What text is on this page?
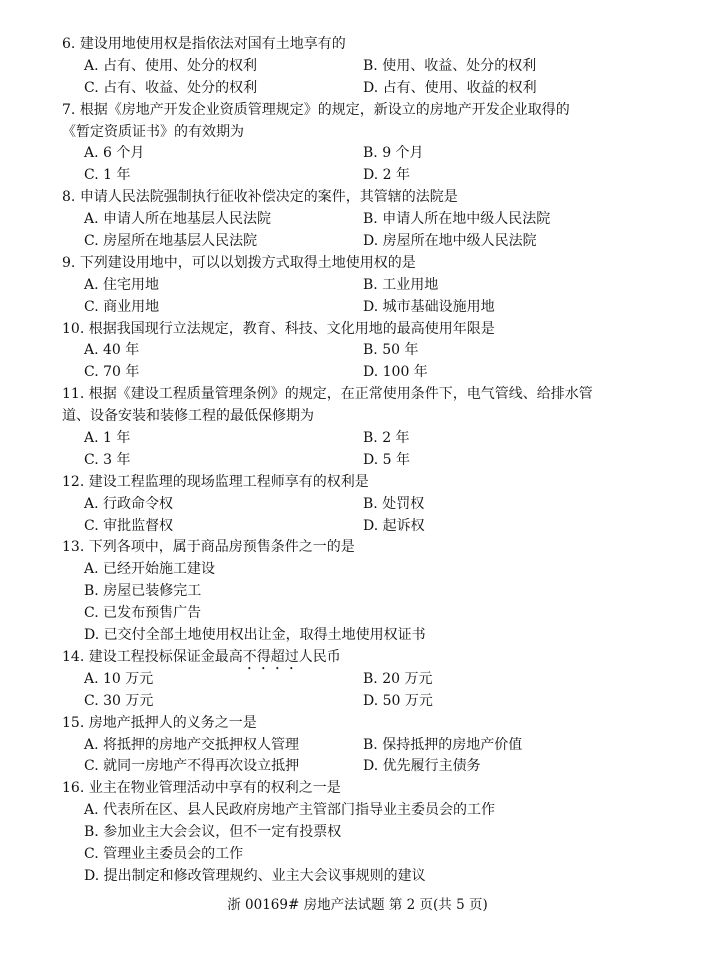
6. 建设用地使用权是指依法对国有土地享有的
A. 占有、使用、处分的权利	B. 使用、收益、处分的权利
C. 占有、收益、处分的权利	D. 占有、使用、收益的权利
7. 根据《房地产开发企业资质管理规定》的规定，新设立的房地产开发企业取得的
《暂定资质证书》的有效期为
A. 6 个月	B. 9 个月
C. 1 年	D. 2 年
8. 申请人民法院强制执行征收补偿决定的案件，其管辖的法院是
A. 申请人所在地基层人民法院	B. 申请人所在地中级人民法院
C. 房屋所在地基层人民法院	D. 房屋所在地中级人民法院
9. 下列建设用地中，可以以划拨方式取得土地使用权的是
A. 住宅用地	B. 工业用地
C. 商业用地	D. 城市基础设施用地
10. 根据我国现行立法规定，教育、科技、文化用地的最高使用年限是
A. 40 年	B. 50 年
C. 70 年	D. 100 年
11. 根据《建设工程质量管理条例》的规定，在正常使用条件下，电气管线、给排水管
道、设备安装和装修工程的最低保修期为
A. 1 年	B. 2 年
C. 3 年	D. 5 年
12. 建设工程监理的现场监理工程师享有的权利是
A. 行政命令权	B. 处罚权
C. 审批监督权	D. 起诉权
13. 下列各项中，属于商品房预售条件之一的是
A. 已经开始施工建设
B. 房屋已装修完工
C. 已发布预售广告
D. 已交付全部土地使用权出让金，取得土地使用权证书
14. 建设工程投标保证金最高不得超过人民币
A. 10 万元	B. 20 万元
C. 30 万元	D. 50 万元
15. 房地产抵押人的义务之一是
A. 将抵押的房地产交抵押权人管理	B. 保持抵押的房地产价值
C. 就同一房地产不得再次设立抵押	D. 优先履行主债务
16. 业主在物业管理活动中享有的权利之一是
A. 代表所在区、县人民政府房地产主管部门指导业主委员会的工作
B. 参加业主大会会议，但不一定有投票权
C. 管理业主委员会的工作
D. 提出制定和修改管理规约、业主大会议事规则的建议
浙 00169# 房地产法试题 第 2 页(共 5 页)
